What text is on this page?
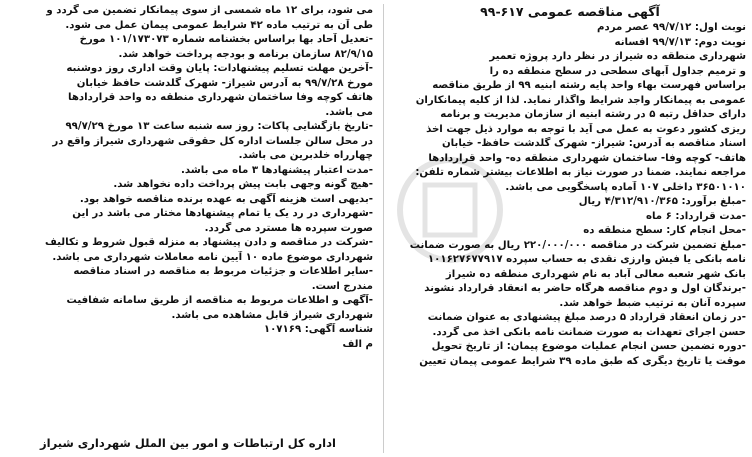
آگهی مناقصه عمومی ۶۱۷-۹۹
نوبت اول: ۹۹/۷/۱۲ عصر مردم
نوبت دوم: ۹۹/۷/۱۳ افسانه
شهرداری منطقه ده شیراز در نظر دارد پروژه تعمیر
و ترمیم جداول آبهای سطحی در سطح منطقه ده را
براساس فهرست بهاء واحد پایه رشته ابنیه ۹۹ از طریق مناقصه
عمومی به پیمانکار واجد شرایط واگذار نماید. لذا از کلیه پیمانکاران
دارای حداقل رتبه ۵ در رشته ابنیه از سازمان مدیریت و برنامه
ریزی کشور دعوت به عمل می آید با توجه به موارد ذیل جهت اخذ
اسناد مناقصه به آدرس: شیراز- شهرک گلدشت حافظ- خیابان
هاتف- کوچه وفا- ساختمان شهرداری منطقه ده- واحد قراردادها
مراجعه نمایند. ضمنا در صورت نیاز به اطلاعات بیشتر شماره تلفن:
۳۶۵۰۱۰۱۰ داخلی ۱۰۷ آماده پاسخگویی می باشد.
-مبلغ برآورد: ۴/۳۱۲/۹۱۰/۳۶۵ ریال
-مدت قرارداد: ۶ ماه
-محل انجام کار: سطح منطقه ده
-مبلغ تضمین شرکت در مناقصه ۲۲۰/۰۰۰/۰۰۰ ریال به صورت ضمانت
نامه بانکی یا فیش وارزی نقدی به حساب سپرده ۱۰۱۶۲۷۶۷۷۹۱۷
بانک شهر شعبه معالی آباد به نام شهرداری منطقه ده شیراز
-برندگان اول و دوم مناقصه هرگاه حاضر به انعقاد قرارداد نشوند
سپرده آنان به ترتیب ضبط خواهد شد.
-در زمان انعقاد قرارداد ۵ درصد مبلغ پیشنهادی به عنوان ضمانت
حسن اجرای تعهدات به صورت ضمانت نامه بانکی اخذ می گردد.
-دوره تضمین حسن انجام عملیات موضوع پیمان: از تاریخ تحویل
موقت یا تاریخ دیگری که طبق ماده ۳۹ شرایط عمومی پیمان تعیین
می شود، برای ۱۲ ماه شمسی از سوی پیمانکار تضمین می گردد و
طی آن به ترتیب ماده ۴۲ شرایط عمومی پیمان عمل می شود.
-تعدیل آحاد بها براساس بخشنامه شماره ۱۰۱/۱۷۳۰۷۳ مورخ
۸۲/۹/۱۵ سازمان برنامه و بودجه پرداخت خواهد شد.
-آخرین مهلت تسلیم پیشنهادات: پایان وقت اداری روز دوشنبه
مورخ ۹۹/۷/۲۸ به آدرس شیراز- شهرک گلدشت حافظ خیابان
هاتف کوچه وفا ساختمان شهرداری منطقه ده واحد قراردادها
می باشد.
-تاریخ بازگشایی پاکات: روز سه شنبه ساعت ۱۳ مورخ ۹۹/۷/۲۹
در محل سالن جلسات اداره کل حقوقی شهرداری شیراز واقع در
چهارراه خلدبرین می باشد.
-مدت اعتبار پیشنهادها ۳ ماه می باشد.
-هیچ گونه وجهی بابت پیش پرداخت داده نخواهد شد.
-بدیهی است هزینه آگهی به عهده برنده مناقصه خواهد بود.
-شهرداری در رد یک یا تمام پیشنهادها مختار می باشد در این
صورت سپرده ها مسترد می گردد.
-شرکت در مناقصه و دادن پیشنهاد به منزله قبول شروط و تکالیف
شهرداری موضوع ماده ۱۰ آیین نامه معاملات شهرداری می باشد.
-سایر اطلاعات و جزئیات مربوط به مناقصه در اسناد مناقصه
مندرج است.
-آگهی و اطلاعات مربوط به مناقصه از طریق سامانه شفافیت
شهرداری شیراز قابل مشاهده می باشد.
شناسه آگهی: ۱۰۷۱۶۹
م الف
اداره کل ارتباطات و امور بین الملل شهرداری شیراز
